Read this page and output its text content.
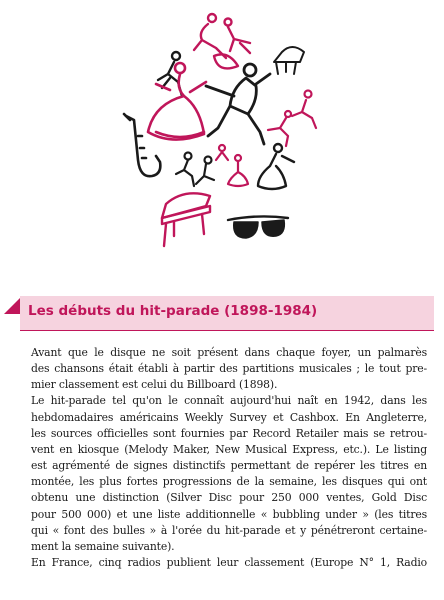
Les débuts du hit-parade (1898-1984)
Avant que le disque ne soit présent dans chaque foyer, un palmarès
des chansons était établi à partir des partitions musicales ; le tout pre-
mier classement est celui du Billboard (1898).
Le hit-parade tel qu'on le connaît aujourd'hui naît en 1942, dans les
hebdomadaires américains Weekly Survey et Cashbox. En Angleterre,
les sources officielles sont fournies par Record Retailer mais se retrou-
vent en kiosque (Melody Maker, New Musical Express, etc.). Le listing
est agrémenté de signes distinctifs permettant de repérer les titres en
montée, les plus fortes progressions de la semaine, les disques qui ont
obtenu une distinction (Silver Disc pour 250 000 ventes, Gold Disc
pour 500 000) et une liste additionnelle « bubbling under » (les titres
qui « font des bulles » à l'orée du hit-parade et y pénétreront certaine-
ment la semaine suivante).
En France, cinq radios publient leur classement (Europe N° 1, Radio
